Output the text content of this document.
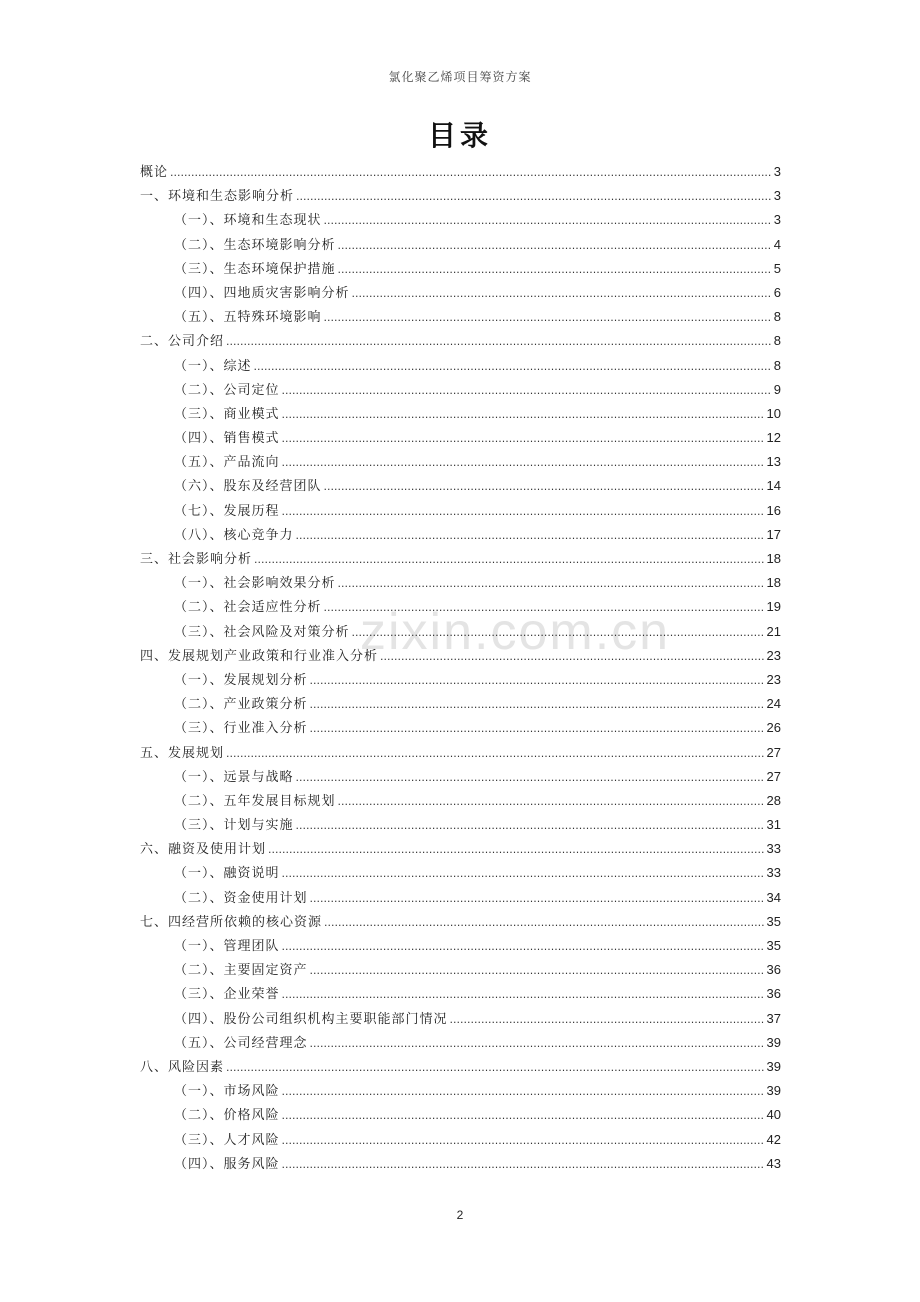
氯化聚乙烯项目筹资方案
目录
zixin.com.cn
概论 .....	3
一、环境和生态影响分析 .....	3
（一）、环境和生态现状 .....	3
（二）、生态环境影响分析 .....	4
（三）、生态环境保护措施 .....	5
（四）、四地质灾害影响分析 .....	6
（五）、五特殊环境影响 .....	8
二、公司介绍 .....	8
（一）、综述 .....	8
（二）、公司定位 .....	9
（三）、商业模式 .....	10
（四）、销售模式 .....	12
（五）、产品流向 .....	13
（六）、股东及经营团队 .....	14
（七）、发展历程 .....	16
（八）、核心竞争力 .....	17
三、社会影响分析 .....	18
（一）、社会影响效果分析 .....	18
（二）、社会适应性分析 .....	19
（三）、社会风险及对策分析 .....	21
四、发展规划产业政策和行业准入分析 .....	23
（一）、发展规划分析 .....	23
（二）、产业政策分析 .....	24
（三）、行业准入分析 .....	26
五、发展规划 .....	27
（一）、远景与战略 .....	27
（二）、五年发展目标规划 .....	28
（三）、计划与实施 .....	31
六、融资及使用计划 .....	33
（一）、融资说明 .....	33
（二）、资金使用计划 .....	34
七、四经营所依赖的核心资源 .....	35
（一）、管理团队 .....	35
（二）、主要固定资产 .....	36
（三）、企业荣誉 .....	36
（四）、股份公司组织机构主要职能部门情况 .....	37
（五）、公司经营理念 .....	39
八、风险因素 .....	39
（一）、市场风险 .....	39
（二）、价格风险 .....	40
（三）、人才风险 .....	42
（四）、服务风险 .....	43
2
